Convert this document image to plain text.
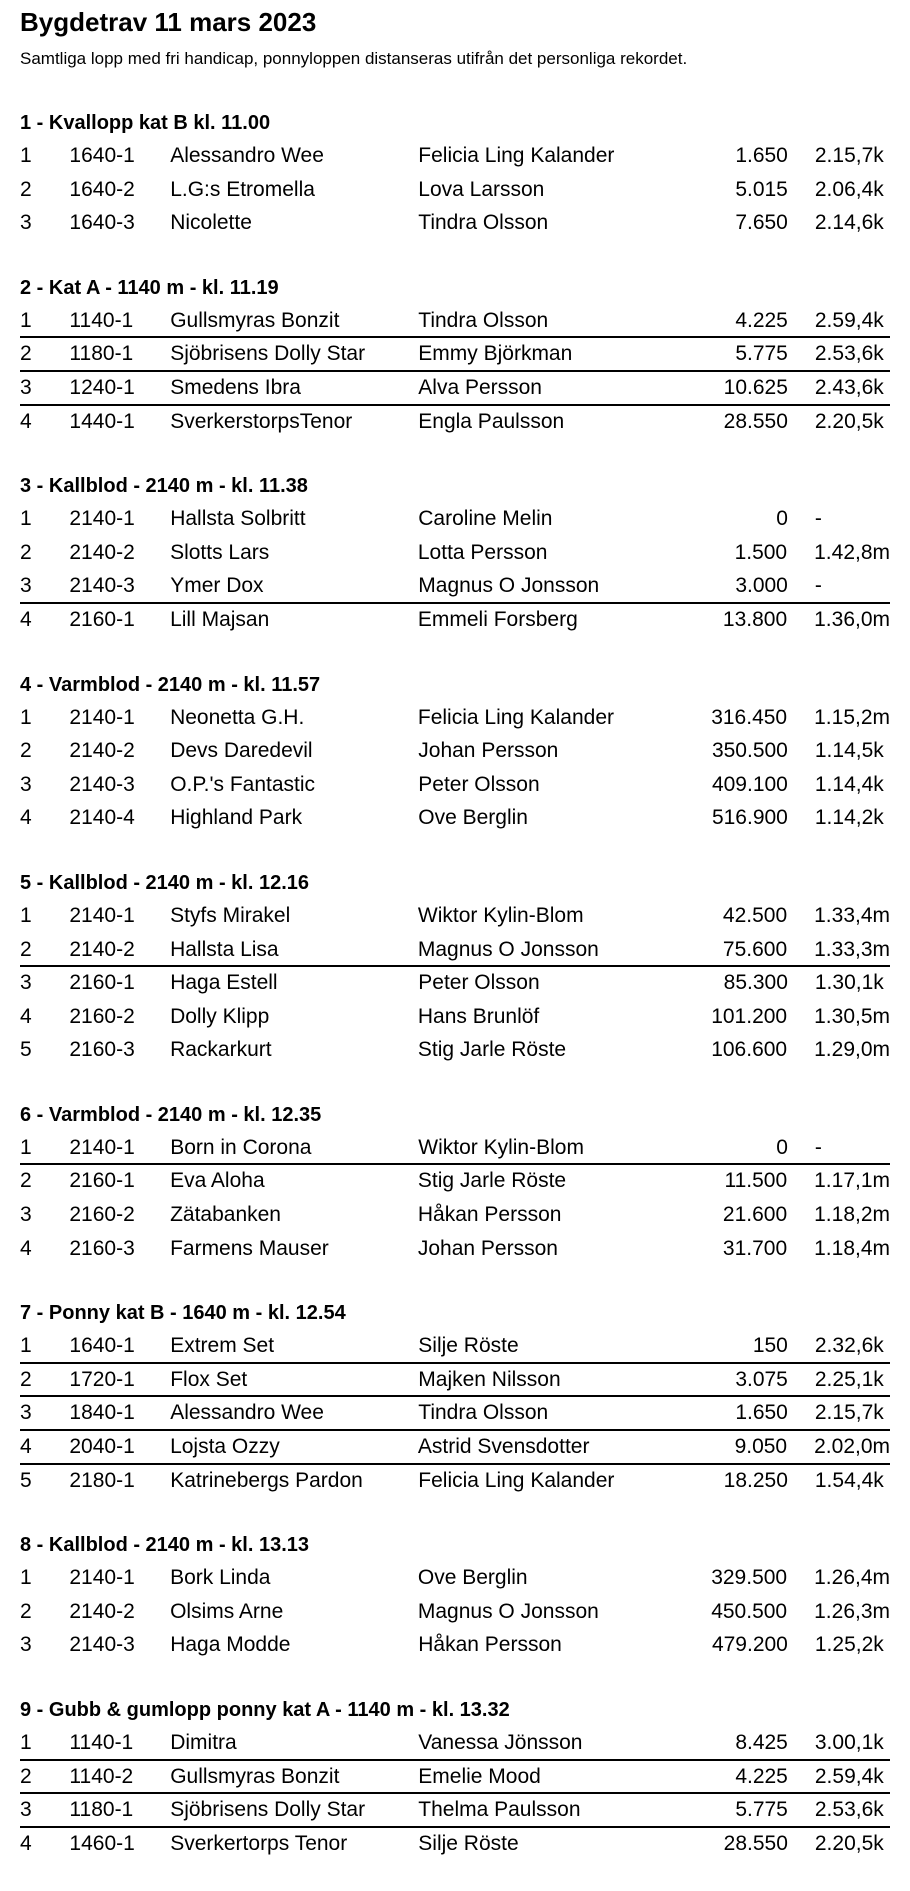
Bygdetrav 11 mars 2023
Samtliga lopp med fri handicap, ponnyloppen distanseras utifrån det personliga rekordet.
1 - Kvallopp kat B kl. 11.00
1	1640-1	Alessandro Wee	Felicia Ling Kalander	1.650	2.15,7k
2	1640-2	L.G:s Etromella	Lova Larsson	5.015	2.06,4k
3	1640-3	Nicolette	Tindra Olsson	7.650	2.14,6k
2 - Kat A - 1140 m - kl. 11.19
1	1140-1	Gullsmyras Bonzit	Tindra Olsson	4.225	2.59,4k
2	1180-1	Sjöbrisens Dolly Star	Emmy Björkman	5.775	2.53,6k
3	1240-1	Smedens Ibra	Alva Persson	10.625	2.43,6k
4	1440-1	SverkerstorpsTenor	Engla Paulsson	28.550	2.20,5k
3 - Kallblod - 2140 m - kl. 11.38
1	2140-1	Hallsta Solbritt	Caroline Melin	0	-
2	2140-2	Slotts Lars	Lotta Persson	1.500	1.42,8m
3	2140-3	Ymer Dox	Magnus O Jonsson	3.000	-
4	2160-1	Lill Majsan	Emmeli Forsberg	13.800	1.36,0m
4 - Varmblod - 2140 m - kl. 11.57
1	2140-1	Neonetta G.H.	Felicia Ling Kalander	316.450	1.15,2m
2	2140-2	Devs Daredevil	Johan Persson	350.500	1.14,5k
3	2140-3	O.P.'s Fantastic	Peter Olsson	409.100	1.14,4k
4	2140-4	Highland Park	Ove Berglin	516.900	1.14,2k
5 - Kallblod - 2140 m - kl. 12.16
1	2140-1	Styfs Mirakel	Wiktor Kylin-Blom	42.500	1.33,4m
2	2140-2	Hallsta Lisa	Magnus O Jonsson	75.600	1.33,3m
3	2160-1	Haga Estell	Peter Olsson	85.300	1.30,1k
4	2160-2	Dolly Klipp	Hans Brunlöf	101.200	1.30,5m
5	2160-3	Rackarkurt	Stig Jarle Röste	106.600	1.29,0m
6 - Varmblod - 2140 m - kl. 12.35
1	2140-1	Born in Corona	Wiktor Kylin-Blom	0	-
2	2160-1	Eva Aloha	Stig Jarle Röste	11.500	1.17,1m
3	2160-2	Zätabanken	Håkan Persson	21.600	1.18,2m
4	2160-3	Farmens Mauser	Johan Persson	31.700	1.18,4m
7 - Ponny kat B - 1640 m - kl. 12.54
1	1640-1	Extrem Set	Silje Röste	150	2.32,6k
2	1720-1	Flox Set	Majken Nilsson	3.075	2.25,1k
3	1840-1	Alessandro Wee	Tindra Olsson	1.650	2.15,7k
4	2040-1	Lojsta Ozzy	Astrid Svensdotter	9.050	2.02,0m
5	2180-1	Katrinebergs Pardon	Felicia Ling Kalander	18.250	1.54,4k
8 - Kallblod - 2140 m - kl. 13.13
1	2140-1	Bork Linda	Ove Berglin	329.500	1.26,4m
2	2140-2	Olsims Arne	Magnus O Jonsson	450.500	1.26,3m
3	2140-3	Haga Modde	Håkan Persson	479.200	1.25,2k
9 - Gubb & gumlopp ponny kat A - 1140 m - kl. 13.32
1	1140-1	Dimitra	Vanessa Jönsson	8.425	3.00,1k
2	1140-2	Gullsmyras Bonzit	Emelie Mood	4.225	2.59,4k
3	1180-1	Sjöbrisens Dolly Star	Thelma Paulsson	5.775	2.53,6k
4	1460-1	Sverkertorps Tenor	Silje Röste	28.550	2.20,5k
